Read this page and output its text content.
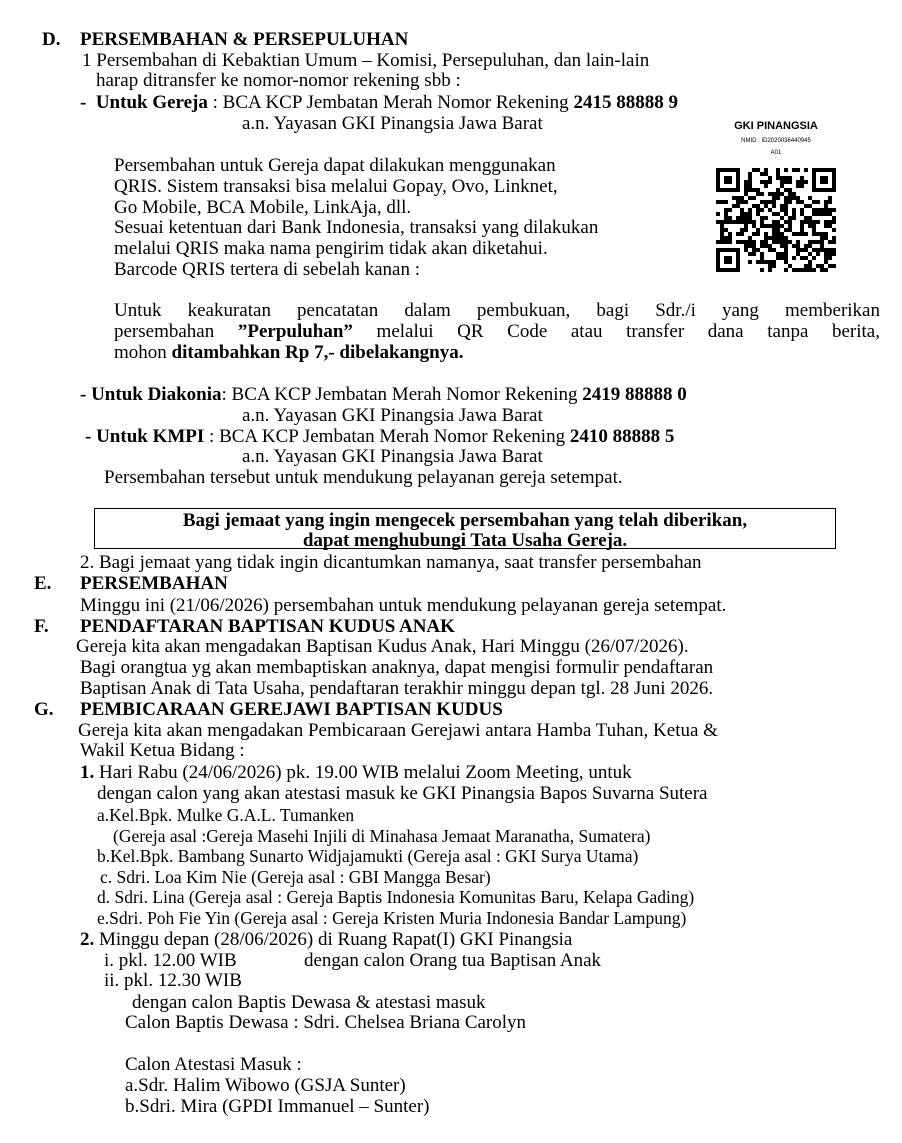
D. PERSEMBAHAN & PERSEPULUHAN
1 Persembahan di Kebaktian Umum – Komisi, Persepuluhan, dan lain-lain
harap ditransfer ke nomor-nomor rekening sbb :
- Untuk Gereja : BCA KCP Jembatan Merah Nomor Rekening 2415 88888 9
a.n. Yayasan GKI Pinangsia Jawa Barat
Persembahan untuk Gereja dapat dilakukan menggunakan
QRIS. Sistem transaksi bisa melalui Gopay, Ovo, Linknet,
Go Mobile, BCA Mobile, LinkAja, dll.
Sesuai ketentuan dari Bank Indonesia, transaksi yang dilakukan
melalui QRIS maka nama pengirim tidak akan diketahui.
Barcode QRIS tertera di sebelah kanan :
GKI PINANGSIA
NMID : ID2020036440945
A01
Untuk keakuratan pencatatan dalam pembukuan, bagi Sdr./i yang memberikan
persembahan ”Perpuluhan” melalui QR Code atau transfer dana tanpa berita,
mohon ditambahkan Rp 7,- dibelakangnya.
- Untuk Diakonia: BCA KCP Jembatan Merah Nomor Rekening 2419 88888 0
a.n. Yayasan GKI Pinangsia Jawa Barat
- Untuk KMPI : BCA KCP Jembatan Merah Nomor Rekening 2410 88888 5
a.n. Yayasan GKI Pinangsia Jawa Barat
Persembahan tersebut untuk mendukung pelayanan gereja setempat.
Bagi jemaat yang ingin mengecek persembahan yang telah diberikan,
dapat menghubungi Tata Usaha Gereja.
2. Bagi jemaat yang tidak ingin dicantumkan namanya, saat transfer persembahan
E. PERSEMBAHAN
Minggu ini (21/06/2026) persembahan untuk mendukung pelayanan gereja setempat.
F. PENDAFTARAN BAPTISAN KUDUS ANAK
Gereja kita akan mengadakan Baptisan Kudus Anak, Hari Minggu (26/07/2026).
Bagi orangtua yg akan membaptiskan anaknya, dapat mengisi formulir pendaftaran
Baptisan Anak di Tata Usaha, pendaftaran terakhir minggu depan tgl. 28 Juni 2026.
G. PEMBICARAAN GEREJAWI BAPTISAN KUDUS
Gereja kita akan mengadakan Pembicaraan Gerejawi antara Hamba Tuhan, Ketua &
Wakil Ketua Bidang :
1. Hari Rabu (24/06/2026) pk. 19.00 WIB melalui Zoom Meeting, untuk
dengan calon yang akan atestasi masuk ke GKI Pinangsia Bapos Suvarna Sutera
a.Kel.Bpk. Mulke G.A.L. Tumanken
(Gereja asal :Gereja Masehi Injili di Minahasa Jemaat Maranatha, Sumatera)
b.Kel.Bpk. Bambang Sunarto Widjajamukti (Gereja asal : GKI Surya Utama)
c. Sdri. Loa Kim Nie (Gereja asal : GBI Mangga Besar)
d. Sdri. Lina (Gereja asal : Gereja Baptis Indonesia Komunitas Baru, Kelapa Gading)
e.Sdri. Poh Fie Yin (Gereja asal : Gereja Kristen Muria Indonesia Bandar Lampung)
2. Minggu depan (28/06/2026) di Ruang Rapat(I) GKI Pinangsia
i. pkl. 12.00 WIB	dengan calon Orang tua Baptisan Anak
ii. pkl. 12.30 WIB
dengan calon Baptis Dewasa & atestasi masuk
Calon Baptis Dewasa : Sdri. Chelsea Briana Carolyn
Calon Atestasi Masuk :
a.Sdr. Halim Wibowo (GSJA Sunter)
b.Sdri. Mira (GPDI Immanuel – Sunter)
